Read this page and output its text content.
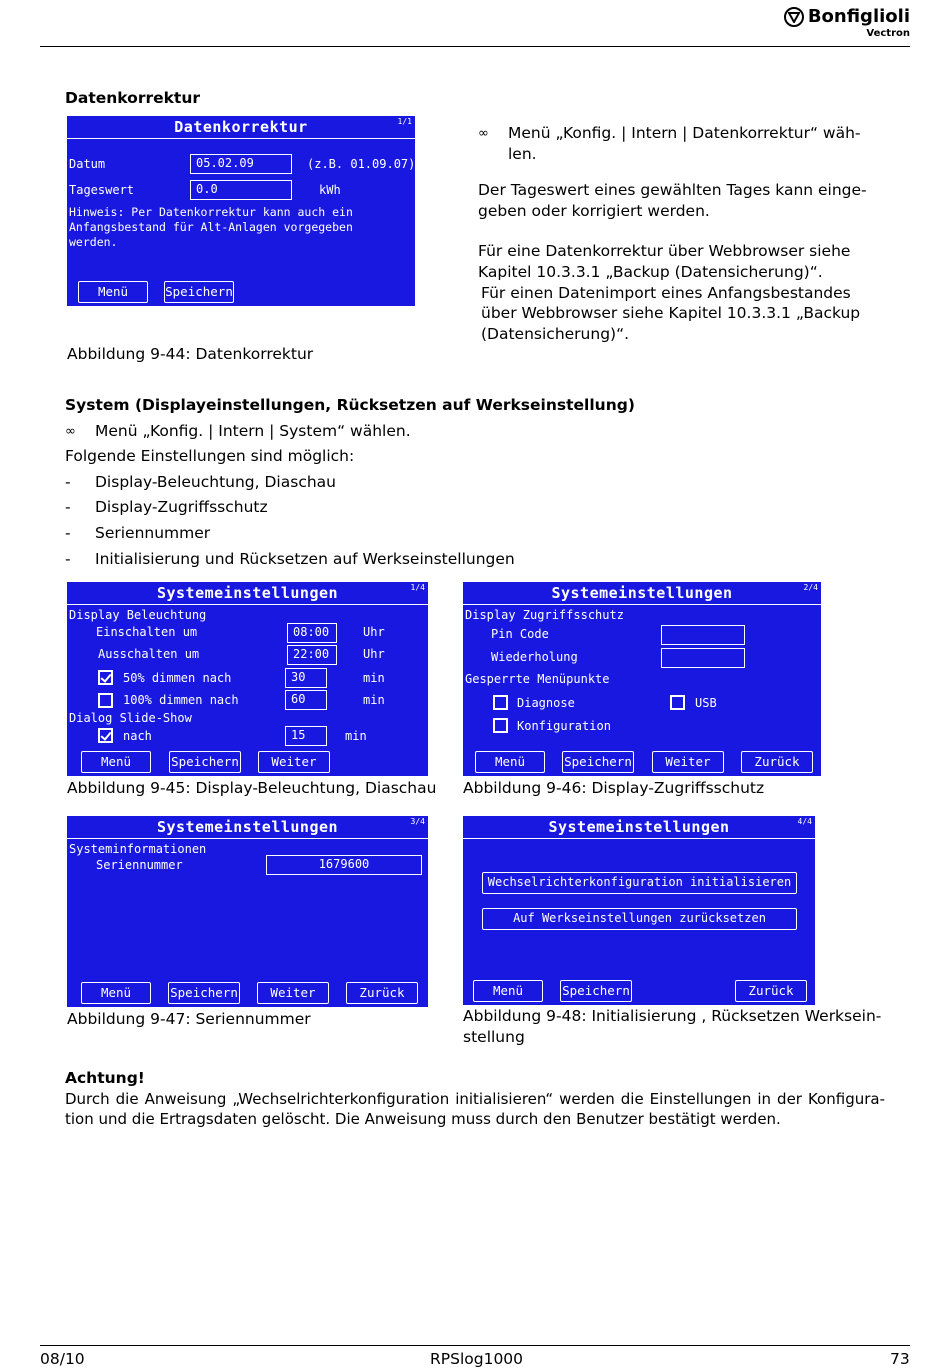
Bonfiglioli
Vectron
Datenkorrektur
Datenkorrektur	1/1
Datum	05.02.09	(z.B. 01.09.07)
Tageswert	0.0	kWh
Hinweis: Per Datenkorrektur kann auch ein
Anfangsbestand für Alt-Anlagen vorgegeben
werden.
Menü	Speichern
Abbildung 9-44: Datenkorrektur
∞ Menü „Konfig. | Intern | Datenkorrektur“ wäh-
len.
Der Tageswert eines gewählten Tages kann einge-
geben oder korrigiert werden.
Für eine Datenkorrektur über Webbrowser siehe
Kapitel 10.3.3.1 „Backup (Datensicherung)“.
Für einen Datenimport eines Anfangsbestandes
über Webbrowser siehe Kapitel 10.3.3.1 „Backup
(Datensicherung)“.
System (Displayeinstellungen, Rücksetzen auf Werkseinstellung)
∞ Menü „Konfig. | Intern | System“ wählen.
Folgende Einstellungen sind möglich:
- Display-Beleuchtung, Diaschau
- Display-Zugriffsschutz
- Seriennummer
- Initialisierung und Rücksetzen auf Werkseinstellungen
Systemeinstellungen	1/4
Display Beleuchtung
Einschalten um	08:00	Uhr
Ausschalten um	22:00	Uhr
50% dimmen nach	30	min
100% dimmen nach	60	min
Dialog Slide-Show
nach	15	min
Menü	Speichern	Weiter
Abbildung 9-45: Display-Beleuchtung, Diaschau
Systemeinstellungen	2/4
Display Zugriffsschutz
Pin Code
Wiederholung
Gesperrte Menüpunkte
Diagnose	USB
Konfiguration
Menü	Speichern	Weiter	Zurück
Abbildung 9-46: Display-Zugriffsschutz
Systemeinstellungen	3/4
Systeminformationen
Seriennummer	1679600
Menü	Speichern	Weiter	Zurück
Abbildung 9-47: Seriennummer
Systemeinstellungen	4/4
Wechselrichterkonfiguration initialisieren
Auf Werkseinstellungen zurücksetzen
Menü	Speichern	Zurück
Abbildung 9-48: Initialisierung , Rücksetzen Werksein-
stellung
Achtung!
Durch die Anweisung „Wechselrichterkonfiguration initialisieren“ werden die Einstellungen in der Konfigura-
tion und die Ertragsdaten gelöscht. Die Anweisung muss durch den Benutzer bestätigt werden.
08/10	RPSlog1000	73
